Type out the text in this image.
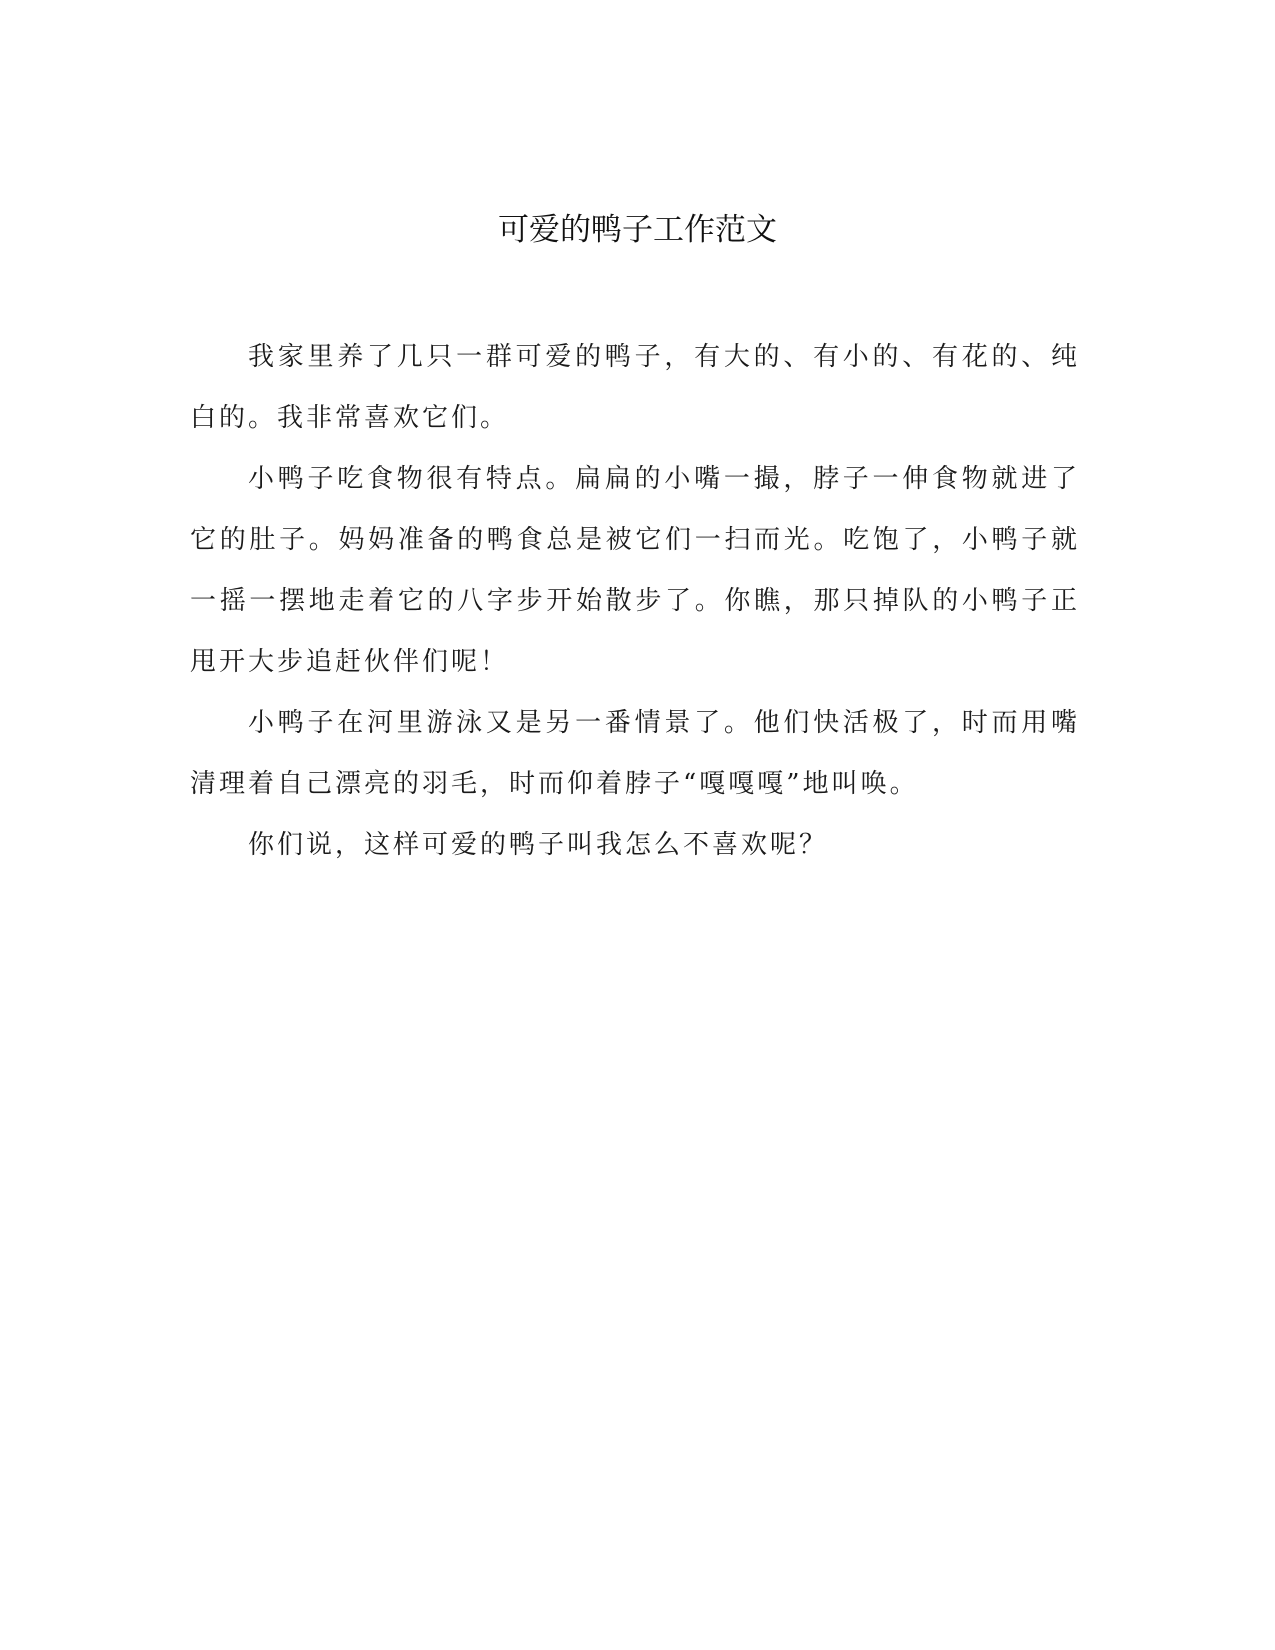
可爱的鸭子工作范文

我家里养了几只一群可爱的鸭子，有大的、有小的、有花的、纯白的。我非常喜欢它们。

小鸭子吃食物很有特点。扁扁的小嘴一撮，脖子一伸食物就进了它的肚子。妈妈准备的鸭食总是被它们一扫而光。吃饱了，小鸭子就一摇一摆地走着它的八字步开始散步了。你瞧，那只掉队的小鸭子正甩开大步追赶伙伴们呢！

小鸭子在河里游泳又是另一番情景了。他们快活极了，时而用嘴清理着自己漂亮的羽毛，时而仰着脖子“嘎嘎嘎”地叫唤。

你们说，这样可爱的鸭子叫我怎么不喜欢呢？
